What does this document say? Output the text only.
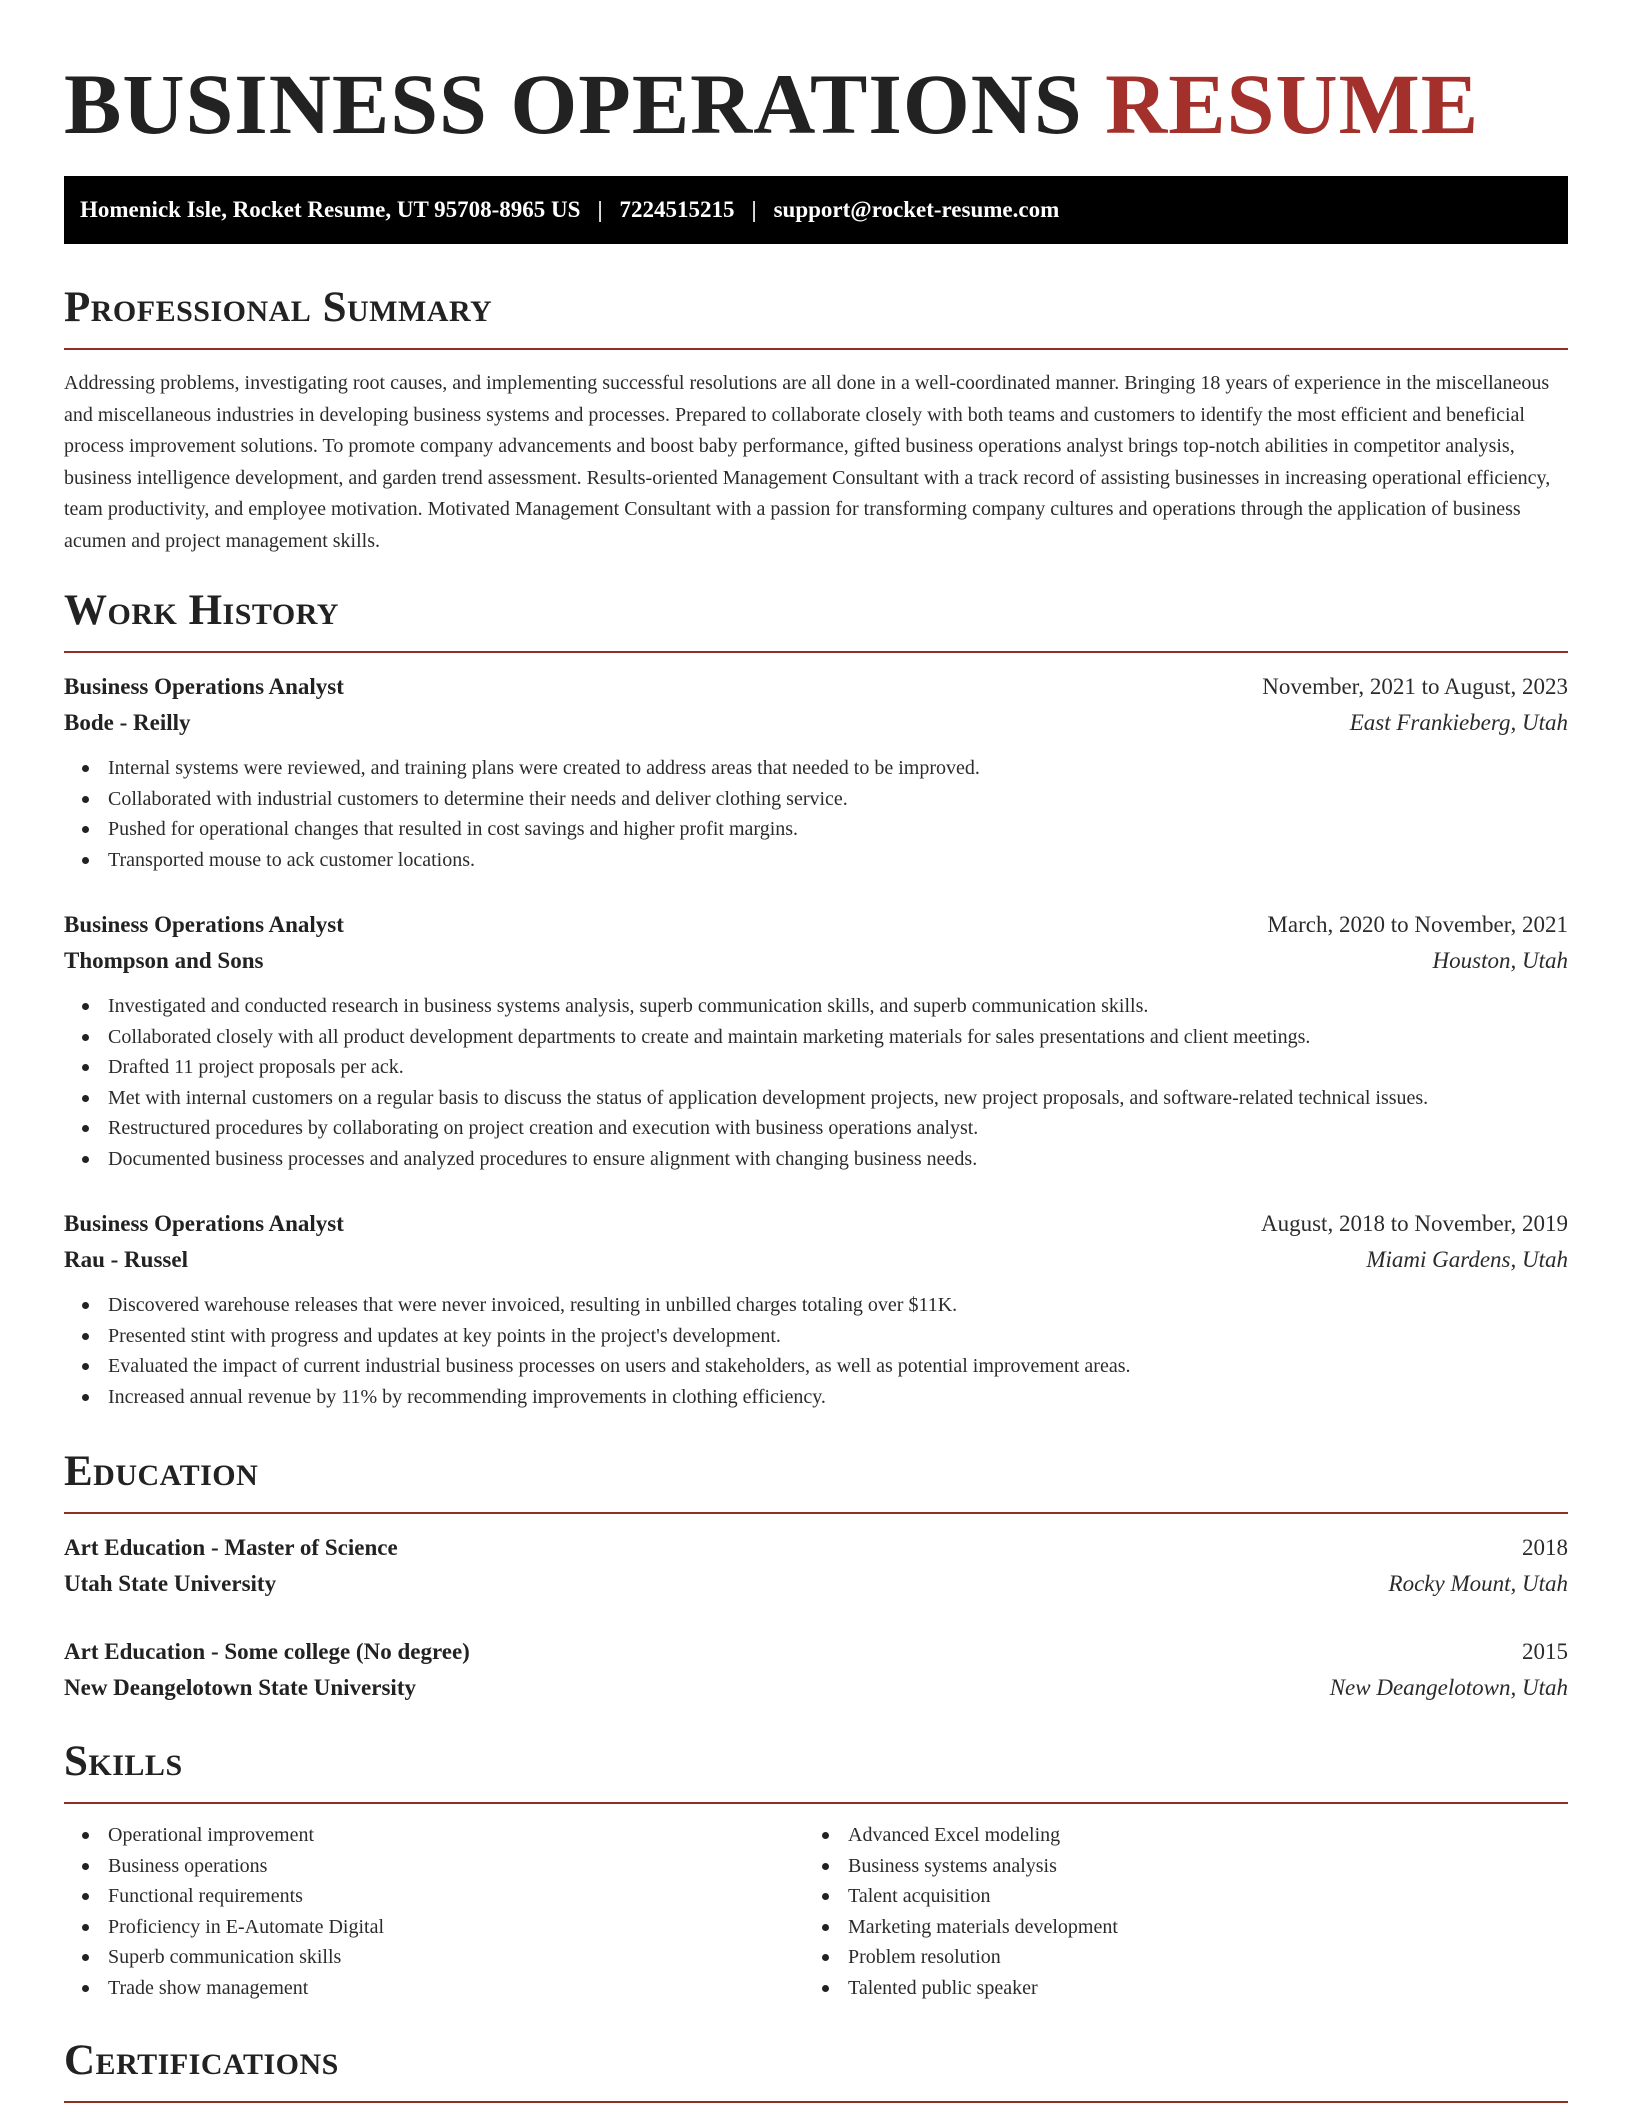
BUSINESS OPERATIONS RESUME
Homenick Isle, Rocket Resume, UT 95708-8965 US | 7224515215 | support@rocket-resume.com
Professional Summary

Addressing problems, investigating root causes, and implementing successful resolutions are all done in a well-coordinated manner. Bringing 18 years of experience in the miscellaneous and miscellaneous industries in developing business systems and processes. Prepared to collaborate closely with both teams and customers to identify the most efficient and beneficial process improvement solutions. To promote company advancements and boost baby performance, gifted business operations analyst brings top-notch abilities in competitor analysis, business intelligence development, and garden trend assessment. Results-oriented Management Consultant with a track record of assisting businesses in increasing operational efficiency, team productivity, and employee motivation. Motivated Management Consultant with a passion for transforming company cultures and operations through the application of business acumen and project management skills.

Work History
Business Operations Analyst	November, 2021 to August, 2023
Bode - Reilly	East Frankieberg, Utah
Internal systems were reviewed, and training plans were created to address areas that needed to be improved.
Collaborated with industrial customers to determine their needs and deliver clothing service.
Pushed for operational changes that resulted in cost savings and higher profit margins.
Transported mouse to ack customer locations.
Business Operations Analyst	March, 2020 to November, 2021
Thompson and Sons	Houston, Utah
Investigated and conducted research in business systems analysis, superb communication skills, and superb communication skills.
Collaborated closely with all product development departments to create and maintain marketing materials for sales presentations and client meetings.
Drafted 11 project proposals per ack.
Met with internal customers on a regular basis to discuss the status of application development projects, new project proposals, and software-related technical issues.
Restructured procedures by collaborating on project creation and execution with business operations analyst.
Documented business processes and analyzed procedures to ensure alignment with changing business needs.
Business Operations Analyst	August, 2018 to November, 2019
Rau - Russel	Miami Gardens, Utah
Discovered warehouse releases that were never invoiced, resulting in unbilled charges totaling over $11K.
Presented stint with progress and updates at key points in the project's development.
Evaluated the impact of current industrial business processes on users and stakeholders, as well as potential improvement areas.
Increased annual revenue by 11% by recommending improvements in clothing efficiency.
Education
Art Education - Master of Science	2018
Utah State University	Rocky Mount, Utah
Art Education - Some college (No degree)	2015
New Deangelotown State University	New Deangelotown, Utah
Skills
Operational improvement
Business operations
Functional requirements
Proficiency in E-Automate Digital
Superb communication skills
Trade show management
Advanced Excel modeling
Business systems analysis
Talent acquisition
Marketing materials development
Problem resolution
Talented public speaker
Certifications
